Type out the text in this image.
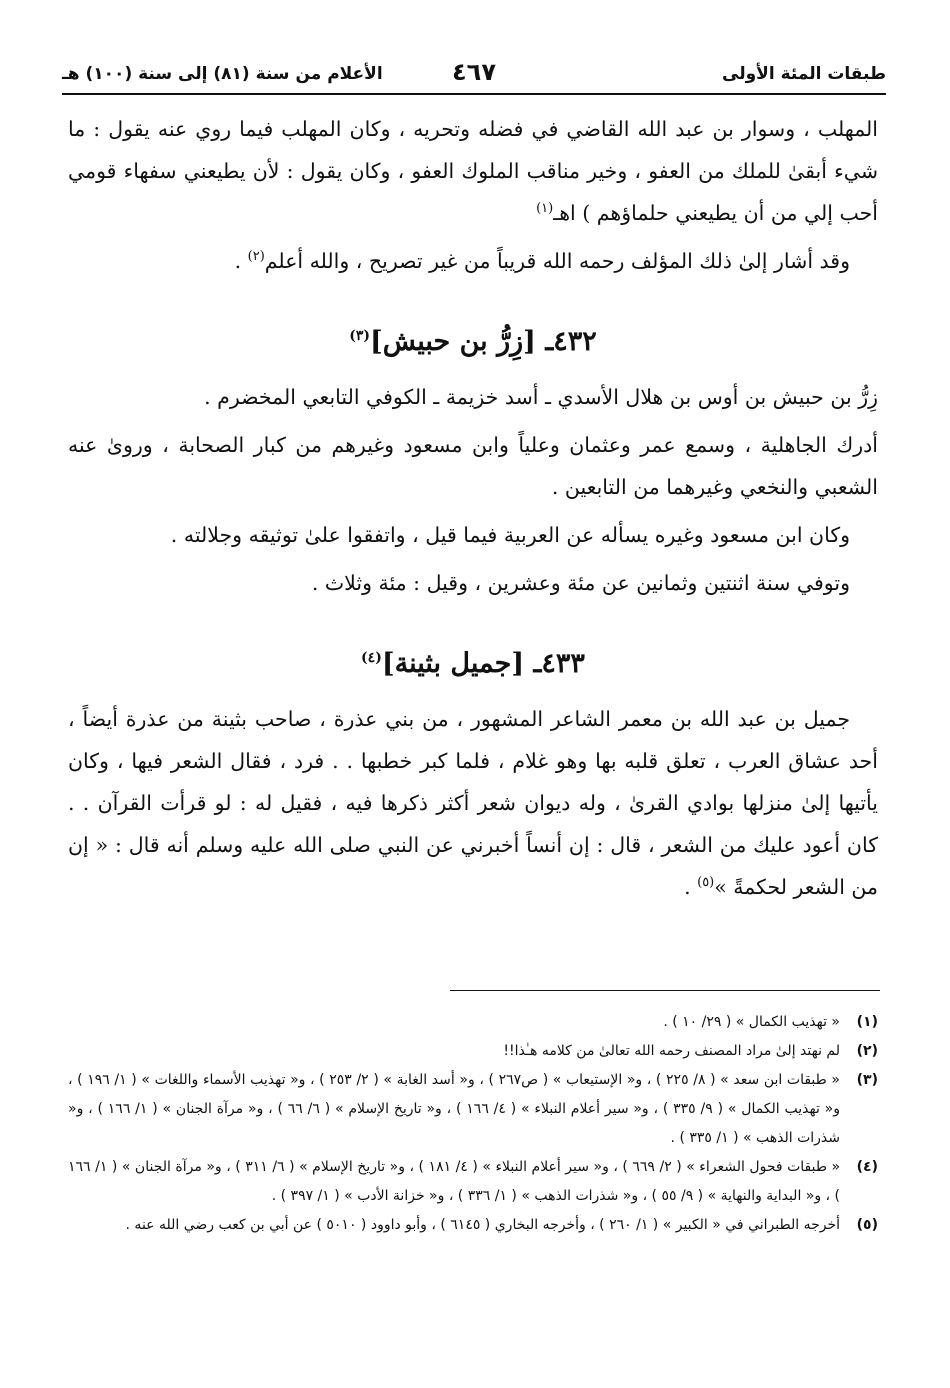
طبقات المئة الأولى
٤٦٧
الأعلام من سنة (٨١) إلى سنة (١٠٠) هـ

المهلب ، وسوار بن عبد الله القاضي في فضله وتحريه ، وكان المهلب فيما روي عنه يقول : ما شيء أبقىٰ للملك من العفو ، وخير مناقب الملوك العفو ، وكان يقول : لأن يطيعني سفهاء قومي أحب إلي من أن يطيعني حلماؤهم ) اهـ$^{(١)}$

وقد أشار إلىٰ ذلك المؤلف رحمه الله قريباً من غير تصريح ، والله أعلم$^{(٢)}$ .

٤٣٢ـ [زِرُّ بن حبيش]$^{(٣)}$

زِرُّ بن حبيش بن أوس بن هلال الأسدي ـ أسد خزيمة ـ الكوفي التابعي المخضرم .

أدرك الجاهلية ، وسمع عمر وعثمان وعلياً وابن مسعود وغيرهم من كبار الصحابة ، وروىٰ عنه الشعبي والنخعي وغيرهما من التابعين .

وكان ابن مسعود وغيره يسأله عن العربية فيما قيل ، واتفقوا علىٰ توثيقه وجلالته .

وتوفي سنة اثنتين وثمانين عن مئة وعشرين ، وقيل : مئة وثلاث .

٤٣٣ـ [جميل بثينة]$^{(٤)}$

جميل بن عبد الله بن معمر الشاعر المشهور ، من بني عذرة ، صاحب بثينة من عذرة أيضاً ، أحد عشاق العرب ، تعلق قلبه بها وهو غلام ، فلما كبر خطبها . . فرد ، فقال الشعر فيها ، وكان يأتيها إلىٰ منزلها بوادي القرىٰ ، وله ديوان شعر أكثر ذكرها فيه ، فقيل له : لو قرأت القرآن . . كان أعود عليك من الشعر ، قال : إن أنساً أخبرني عن النبي صلى الله عليه وسلم أنه قال : « إن من الشعر لحكمةً »$^{(٥)}$ .

(١)
« تهذيب الكمال » ( ٢٩/ ١٠ ) .
(٢)
لم نهتد إلىٰ مراد المصنف رحمه الله تعالىٰ من كلامه هـٰذا!!
(٣)
« طبقات ابن سعد » ( ٨/ ٢٢٥ ) ، و« الإستيعاب » ( ص٢٦٧ ) ، و« أسد الغابة » ( ٢/ ٢٥٣ ) ، و« تهذيب الأسماء واللغات » ( ١/ ١٩٦ ) ، و« تهذيب الكمال » ( ٩/ ٣٣٥ ) ، و« سير أعلام النبلاء » ( ٤/ ١٦٦ ) ، و« تاريخ الإسلام » ( ٦/ ٦٦ ) ، و« مرآة الجنان » ( ١/ ١٦٦ ) ، و« شذرات الذهب » ( ١/ ٣٣٥ ) .
(٤)
« طبقات فحول الشعراء » ( ٢/ ٦٦٩ ) ، و« سير أعلام النبلاء » ( ٤/ ١٨١ ) ، و« تاريخ الإسلام » ( ٦/ ٣١١ ) ، و« مرآة الجنان » ( ١/ ١٦٦ ) ، و« البداية والنهاية » ( ٩/ ٥٥ ) ، و« شذرات الذهب » ( ١/ ٣٣٦ ) ، و« خزانة الأدب » ( ١/ ٣٩٧ ) .
(٥)
أخرجه الطبراني في « الكبير » ( ١/ ٢٦٠ ) ، وأخرجه البخاري ( ٦١٤٥ ) ، وأبو داوود ( ٥٠١٠ ) عن أبي بن كعب رضي الله عنه .
